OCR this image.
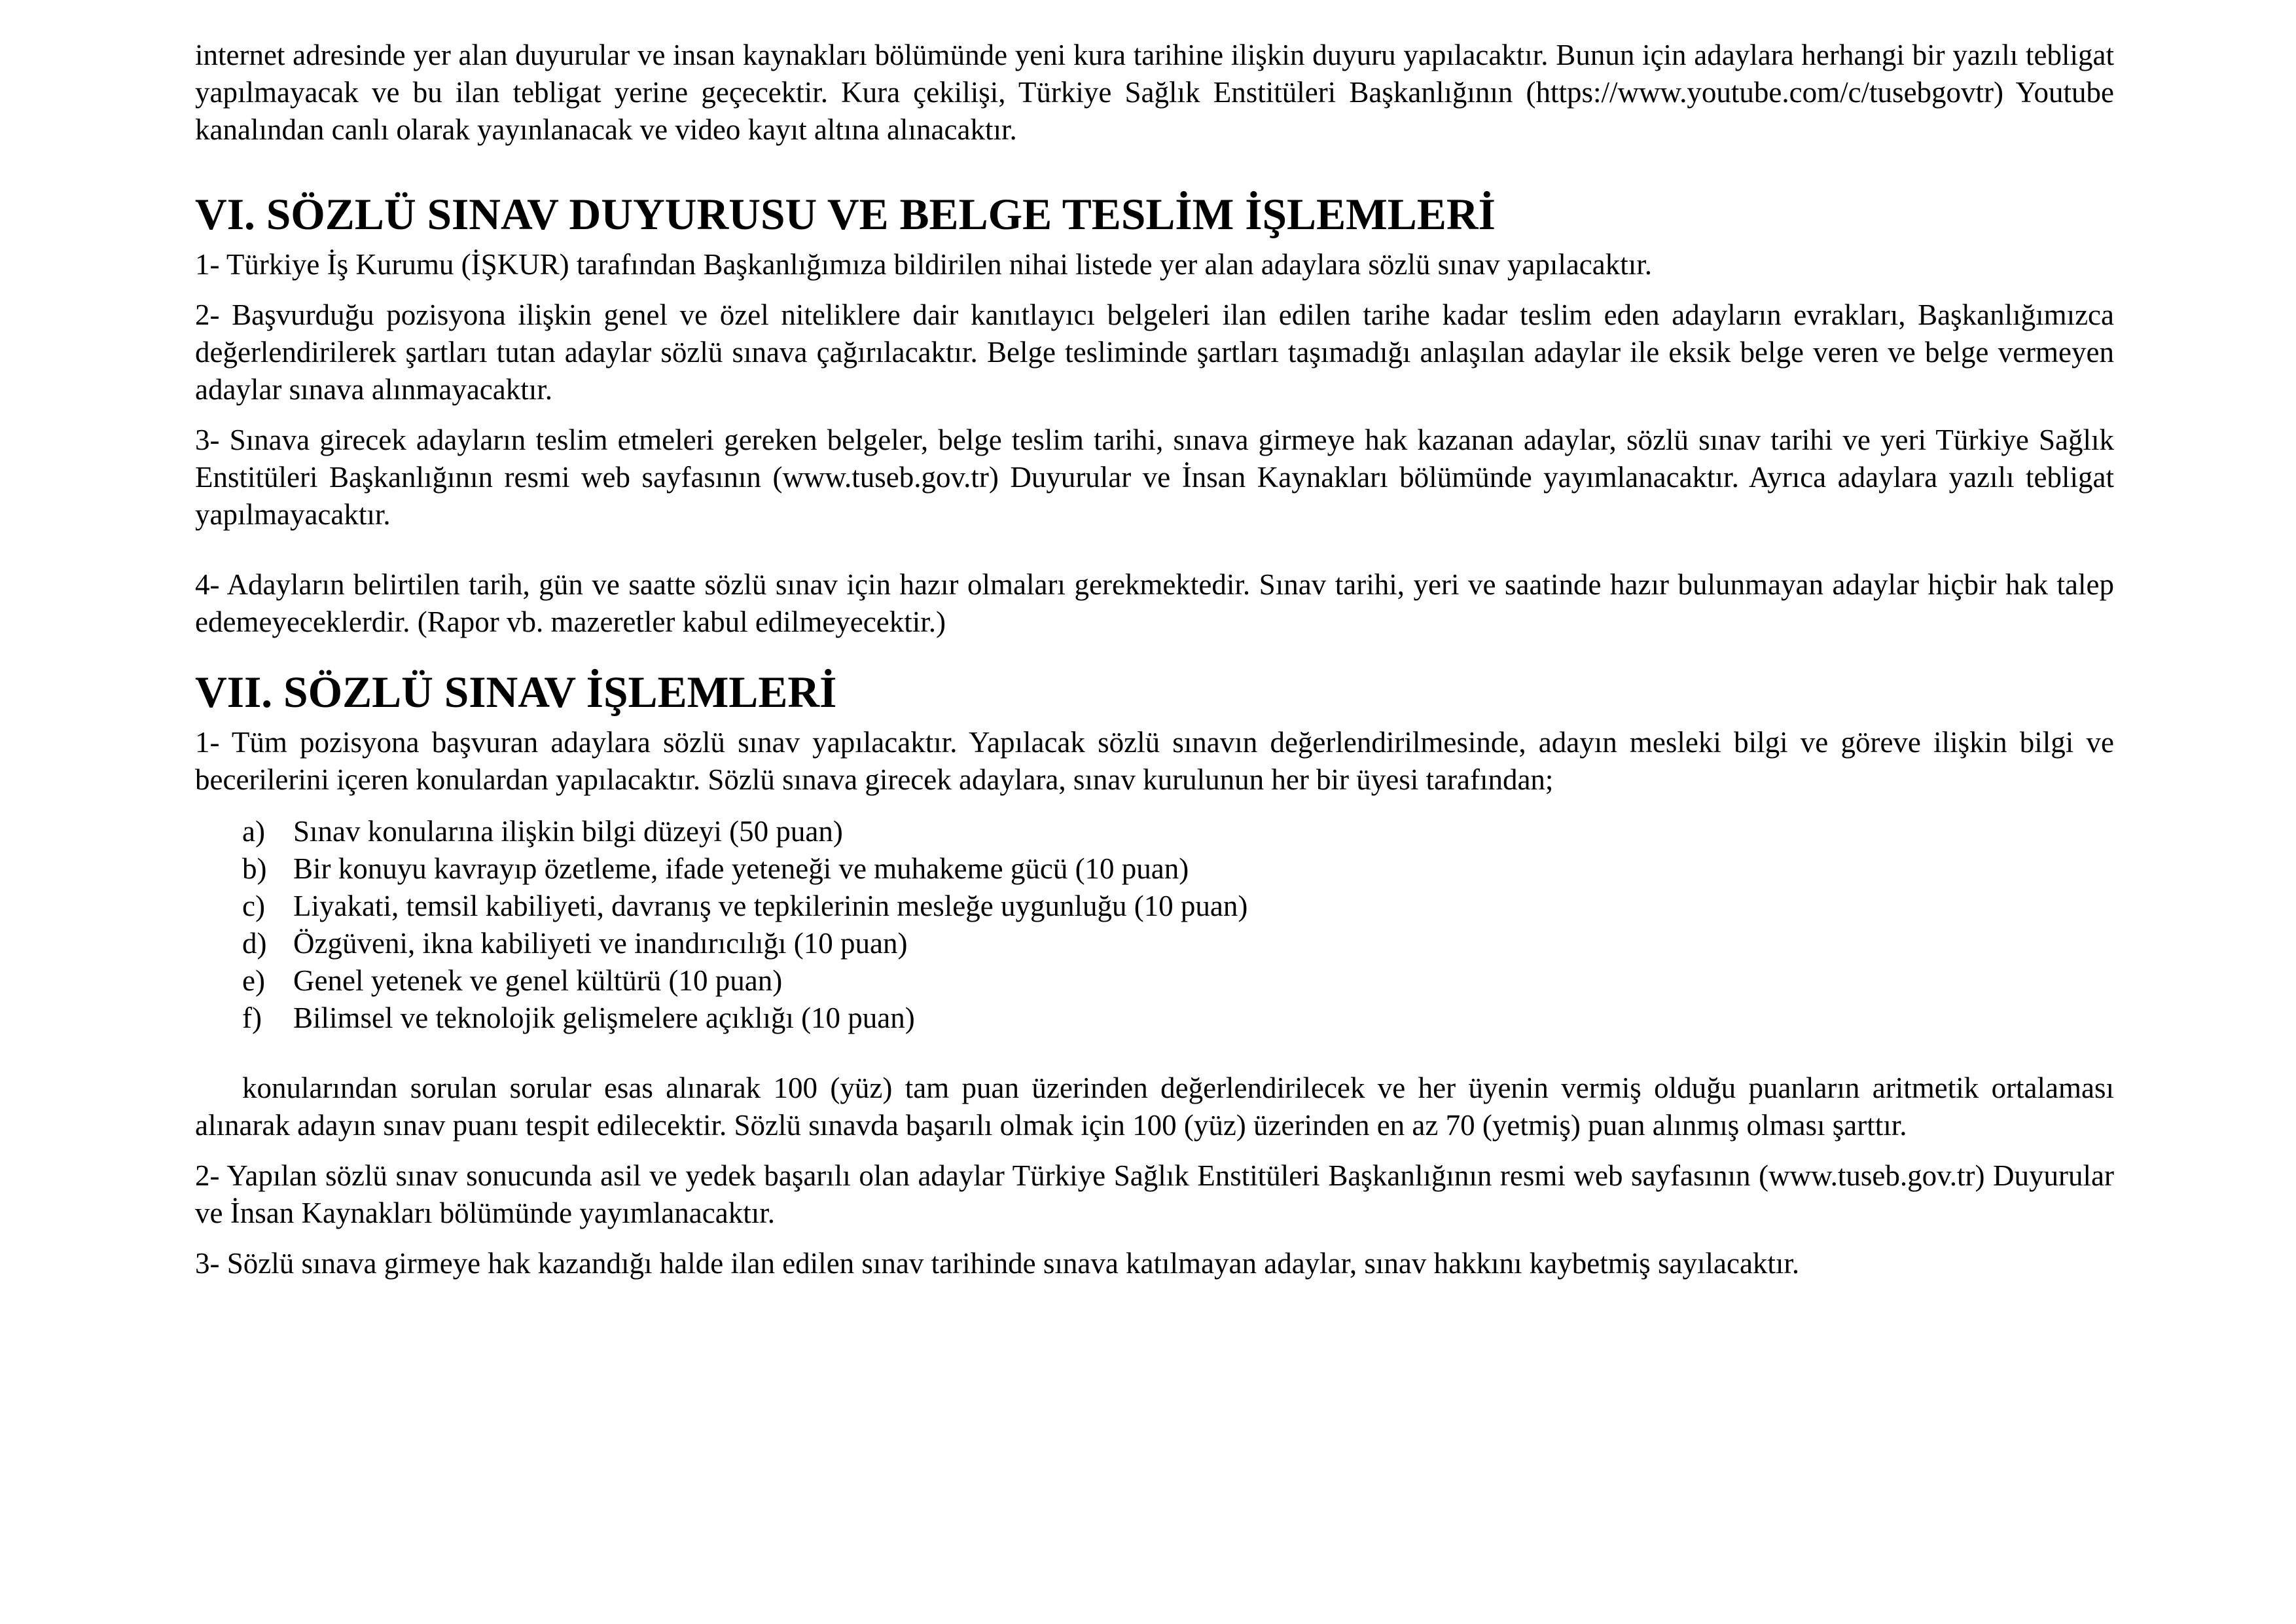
internet adresinde yer alan duyurular ve insan kaynakları bölümünde yeni kura tarihine ilişkin duyuru yapılacaktır. Bunun için adaylara herhangi bir yazılı tebligat yapılmayacak ve bu ilan tebligat yerine geçecektir. Kura çekilişi, Türkiye Sağlık Enstitüleri Başkanlığının (https://www.youtube.com/c/tusebgovtr) Youtube kanalından canlı olarak yayınlanacak ve video kayıt altına alınacaktır.

VI. SÖZLÜ SINAV DUYURUSU VE BELGE TESLİM İŞLEMLERİ

1- Türkiye İş Kurumu (İŞKUR) tarafından Başkanlığımıza bildirilen nihai listede yer alan adaylara sözlü sınav yapılacaktır.

2- Başvurduğu pozisyona ilişkin genel ve özel niteliklere dair kanıtlayıcı belgeleri ilan edilen tarihe kadar teslim eden adayların evrakları, Başkanlığımızca değerlendirilerek şartları tutan adaylar sözlü sınava çağırılacaktır. Belge tesliminde şartları taşımadığı anlaşılan adaylar ile eksik belge veren ve belge vermeyen adaylar sınava alınmayacaktır.

3- Sınava girecek adayların teslim etmeleri gereken belgeler, belge teslim tarihi, sınava girmeye hak kazanan adaylar, sözlü sınav tarihi ve yeri Türkiye Sağlık Enstitüleri Başkanlığının resmi web sayfasının (www.tuseb.gov.tr) Duyurular ve İnsan Kaynakları bölümünde yayımlanacaktır. Ayrıca adaylara yazılı tebligat yapılmayacaktır.

4- Adayların belirtilen tarih, gün ve saatte sözlü sınav için hazır olmaları gerekmektedir. Sınav tarihi, yeri ve saatinde hazır bulunmayan adaylar hiçbir hak talep edemeyeceklerdir. (Rapor vb. mazeretler kabul edilmeyecektir.)

VII. SÖZLÜ SINAV İŞLEMLERİ

1- Tüm pozisyona başvuran adaylara sözlü sınav yapılacaktır. Yapılacak sözlü sınavın değerlendirilmesinde, adayın mesleki bilgi ve göreve ilişkin bilgi ve becerilerini içeren konulardan yapılacaktır. Sözlü sınava girecek adaylara, sınav kurulunun her bir üyesi tarafından;

a) Sınav konularına ilişkin bilgi düzeyi (50 puan)
b) Bir konuyu kavrayıp özetleme, ifade yeteneği ve muhakeme gücü (10 puan)
c) Liyakati, temsil kabiliyeti, davranış ve tepkilerinin mesleğe uygunluğu (10 puan)
d) Özgüveni, ikna kabiliyeti ve inandırıcılığı (10 puan)
e) Genel yetenek ve genel kültürü (10 puan)
f)	Bilimsel ve teknolojik gelişmelere açıklığı (10 puan)

konularından sorulan sorular esas alınarak 100 (yüz) tam puan üzerinden değerlendirilecek ve her üyenin vermiş olduğu puanların aritmetik ortalaması alınarak adayın sınav puanı tespit edilecektir. Sözlü sınavda başarılı olmak için 100 (yüz) üzerinden en az 70 (yetmiş) puan alınmış olması şarttır.

2- Yapılan sözlü sınav sonucunda asil ve yedek başarılı olan adaylar Türkiye Sağlık Enstitüleri Başkanlığının resmi web sayfasının (www.tuseb.gov.tr) Duyurular ve İnsan Kaynakları bölümünde yayımlanacaktır.

3- Sözlü sınava girmeye hak kazandığı halde ilan edilen sınav tarihinde sınava katılmayan adaylar, sınav hakkını kaybetmiş sayılacaktır.
